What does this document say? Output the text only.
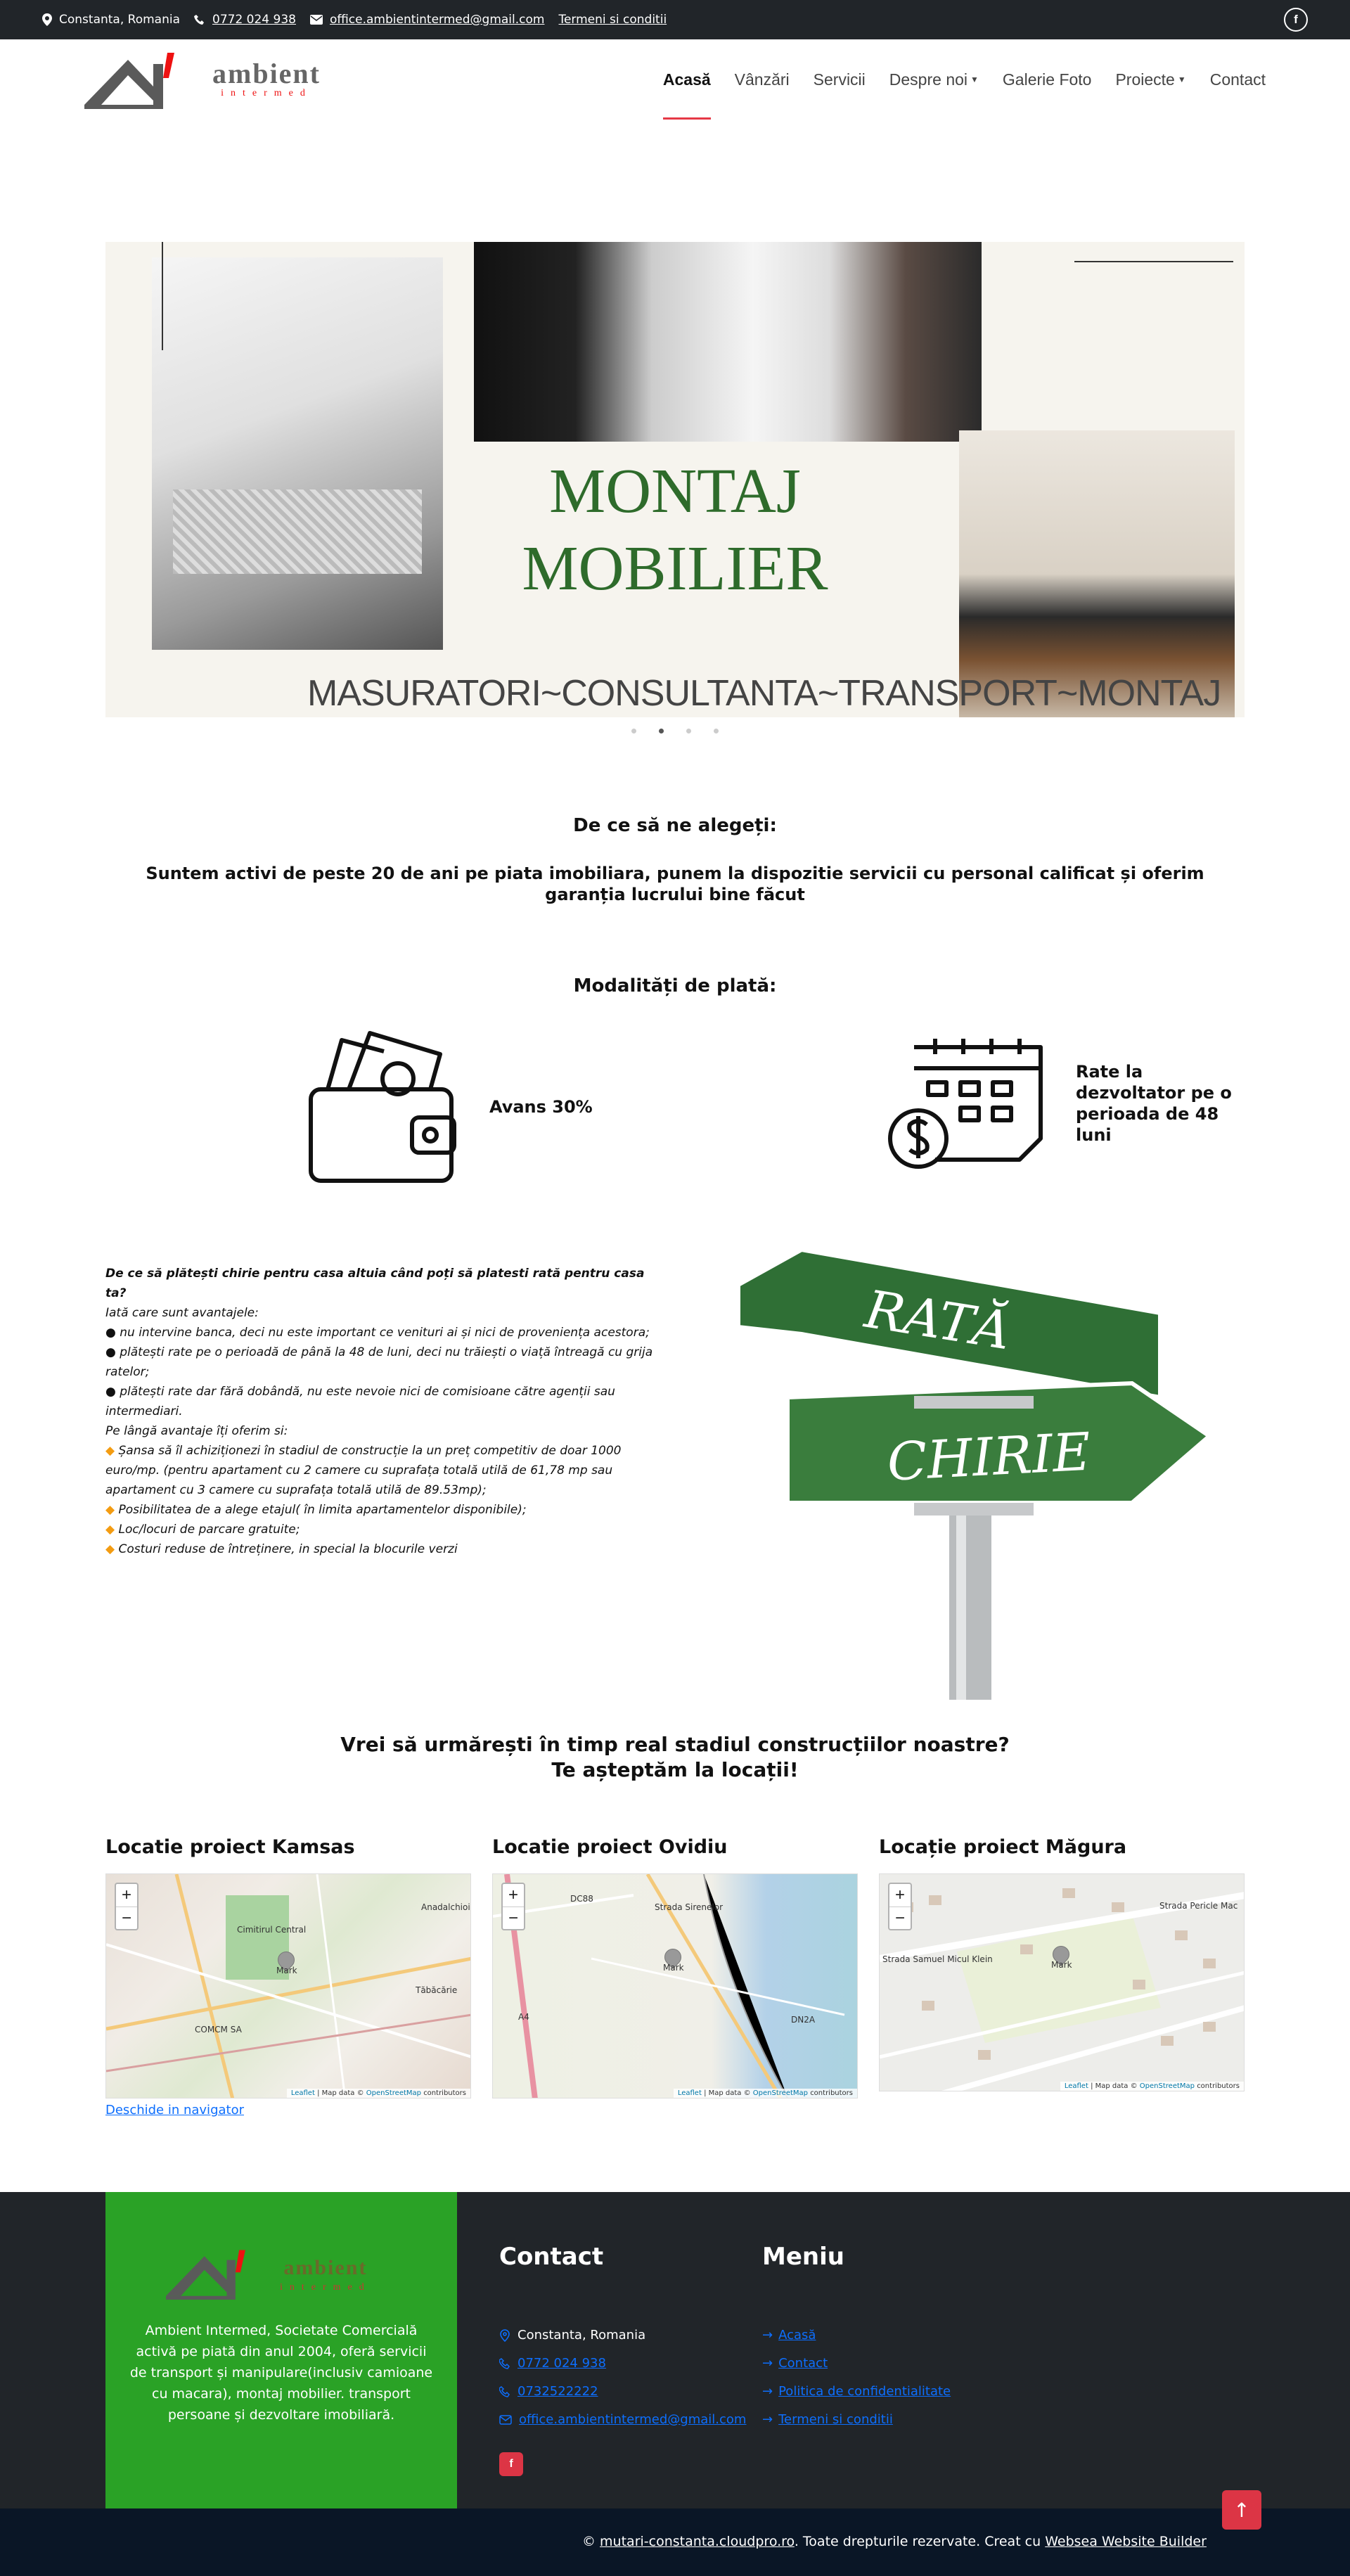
Constanta, Romania	0772 024 938	office.ambientintermed@gmail.com Termeni si conditii	f
ambient
intermed
Acasă Vânzări Servicii Despre noi ▼ Galerie Foto Proiecte ▼ Contact
MONTAJ
MOBILIER
MASURATORI~CONSULTANTA~TRANSPORT~MONTAJ
De ce să ne alegeți:

Suntem activi de peste 20 de ani pe piata imobiliara, punem la dispozitie servicii cu personal calificat și oferim garanția lucrului bine făcut

Modalități de plată:
Avans 30%
Rate la dezvoltator pe o perioada de 48 luni
De ce să plătești chirie pentru casa altuia când poți să platesti rată pentru casa ta?
Iată care sunt avantajele:
● nu intervine banca, deci nu este important ce venituri ai și nici de proveniența acestora;
● plătești rate pe o perioadă de până la 48 de luni, deci nu trăiești o viață întreagă cu grija ratelor;
● plătești rate dar fără dobândă, nu este nevoie nici de comisioane către agenții sau intermediari.
Pe lângă avantaje îți oferim si:
◆ Șansa să îl achiziționezi în stadiul de construcție la un preț competitiv de doar 1000 euro/mp. (pentru apartament cu 2 camere cu suprafața totală utilă de 61,78 mp sau apartament cu 3 camere cu suprafața totală utilă de 89.53mp);
◆ Posibilitatea de a alege etajul( în limita apartamentelor disponibile);
◆ Loc/locuri de parcare gratuite;
◆ Costuri reduse de întreținere, in special la blocurile verzi
RATĂ
CHIRIE
Vrei să urmărești în timp real stadiul construcțiilor noastre?
Te așteptăm la locații!
Locatie proiect Kamsas
Cimitirul Central
Anadalchioi
Tăbăcărie
COMCM SA
Mark
+
−
Leaflet | Map data © OpenStreetMap contributors
Deschide in navigator
Locatie proiect Ovidiu
DC88
A4	DN2A
Strada Sirenelor
Mark
+
−
Leaflet | Map data © OpenStreetMap contributors
Locație proiect Măgura
Strada Pericle Mac
Strada Samuel Micul Klein
Mark
+
−
Leaflet | Map data © OpenStreetMap contributors
ambient
intermed

Ambient Intermed, Societate Comercială activă pe piată din anul 2004, oferă servicii de transport și manipulare(inclusiv camioane cu macara), montaj mobilier. transport persoane și dezvoltare imobiliară.

Contact
Constanta, Romania
0772 024 938
0732522222
office.ambientintermed@gmail.com
f
Meniu
→ Acasă
→ Contact
→ Politica de confidentialitate
→ Termeni si conditii
© mutari-constanta.cloudpro.ro. Toate drepturile rezervate. Creat cu Websea Website Builder
↑
